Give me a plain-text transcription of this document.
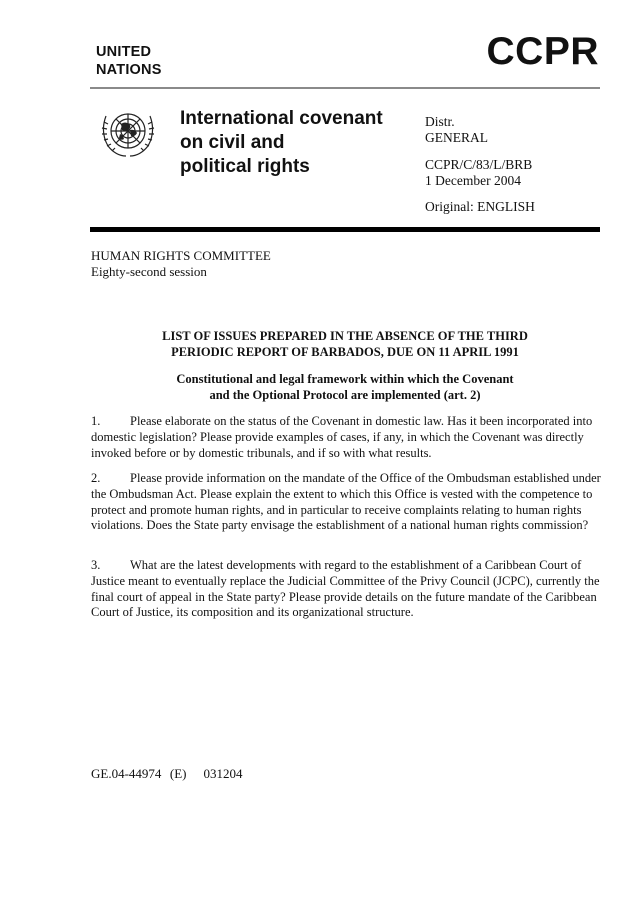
UNITED
NATIONS	CCPR
International covenant
on civil and
political rights
Distr.
GENERAL
CCPR/C/83/L/BRB
1 December 2004
Original: ENGLISH
HUMAN RIGHTS COMMITTEE
Eighty-second session
LIST OF ISSUES PREPARED IN THE ABSENCE OF THE THIRD
PERIODIC REPORT OF BARBADOS, DUE ON 11 APRIL 1991
Constitutional and legal framework within which the Covenant
and the Optional Protocol are implemented (art. 2)
1. Please elaborate on the status of the Covenant in domestic law. Has it been incorporated into domestic legislation? Please provide examples of cases, if any, in which the Covenant was directly invoked before or by domestic tribunals, and if so with what results.
2. Please provide information on the mandate of the Office of the Ombudsman established under the Ombudsman Act. Please explain the extent to which this Office is vested with the competence to protect and promote human rights, and in particular to receive complaints relating to human rights violations. Does the State party envisage the establishment of a national human rights commission?
3. What are the latest developments with regard to the establishment of a Caribbean Court of Justice meant to eventually replace the Judicial Committee of the Privy Council (JCPC), currently the final court of appeal in the State party? Please provide details on the future mandate of the Caribbean Court of Justice, its composition and its organizational structure.
GE.04-44974  (E)    031204
